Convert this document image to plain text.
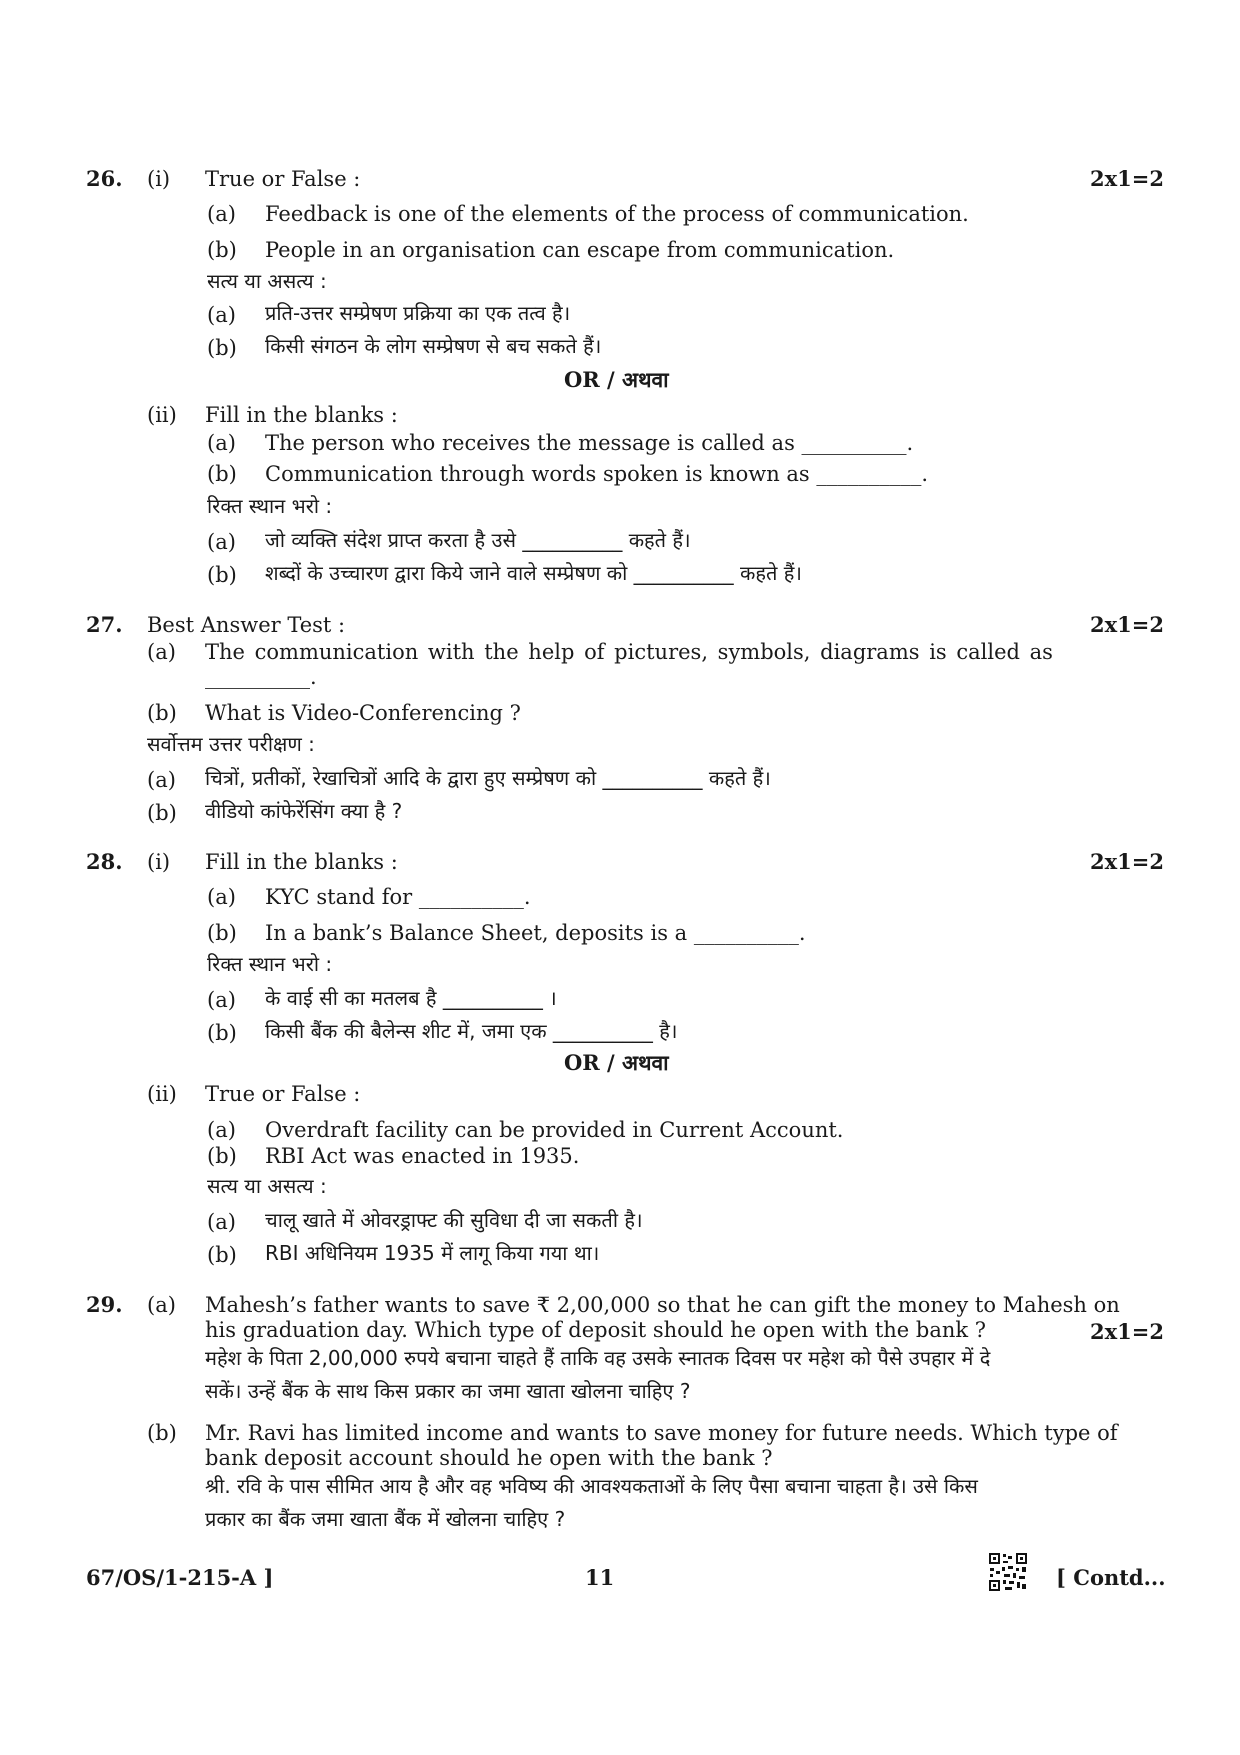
26. (i) True or False :	2x1=2
(a) Feedback is one of the elements of the process of communication.
(b) People in an organisation can escape from communication.
सत्य या असत्य :
(a) प्रति-उत्तर सम्प्रेषण प्रक्रिया का एक तत्व है।
(b) किसी संगठन के लोग सम्प्रेषण से बच सकते हैं।
OR / अथवा
(ii) Fill in the blanks :
(a) The person who receives the message is called as __________.
(b) Communication through words spoken is known as __________.
रिक्त स्थान भरो :
(a) जो व्यक्ति संदेश प्राप्त करता है उसे __________ कहते हैं।
(b) शब्दों के उच्चारण द्वारा किये जाने वाले सम्प्रेषण को __________ कहते हैं।
27. Best Answer Test :	2x1=2
(a) The communication with the help of pictures, symbols, diagrams is called as
__________.
(b) What is Video-Conferencing ?
सर्वोत्तम उत्तर परीक्षण :
(a) चित्रों, प्रतीकों, रेखाचित्रों आदि के द्वारा हुए सम्प्रेषण को __________ कहते हैं।
(b) वीडियो कांफेरेंसिंग क्या है ?
28. (i) Fill in the blanks :	2x1=2
(a) KYC stand for __________.
(b) In a bank’s Balance Sheet, deposits is a __________.
रिक्त स्थान भरो :
(a) के वाई सी का मतलब है __________ ।
(b) किसी बैंक की बैलेन्स शीट में, जमा एक __________ है।
OR / अथवा
(ii) True or False :
(a) Overdraft facility can be provided in Current Account.
(b) RBI Act was enacted in 1935.
सत्य या असत्य :
(a) चालू खाते में ओवरड्राफ्ट की सुविधा दी जा सकती है।
(b) RBI अधिनियम 1935 में लागू किया गया था।
29. (a) Mahesh’s father wants to save ₹ 2,00,000 so that he can gift the money to Mahesh on
his graduation day. Which type of deposit should he open with the bank ?	2x1=2
महेश के पिता 2,00,000 रुपये बचाना चाहते हैं ताकि वह उसके स्नातक दिवस पर महेश को पैसे उपहार में दे
सकें। उन्हें बैंक के साथ किस प्रकार का जमा खाता खोलना चाहिए ?
(b) Mr. Ravi has limited income and wants to save money for future needs. Which type of
bank deposit account should he open with the bank ?
श्री. रवि के पास सीमित आय है और वह भविष्य की आवश्यकताओं के लिए पैसा बचाना चाहता है। उसे किस
प्रकार का बैंक जमा खाता बैंक में खोलना चाहिए ?
67/OS/1-215-A ]	11	[ Contd...
